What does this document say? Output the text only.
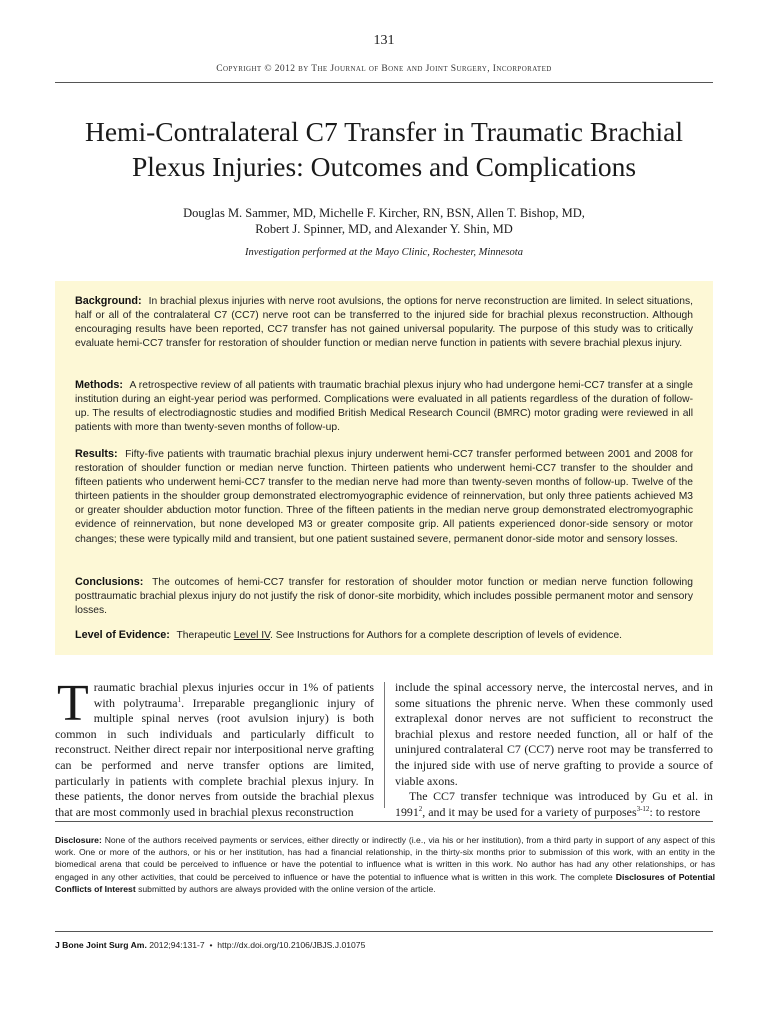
131
Copyright © 2012 by The Journal of Bone and Joint Surgery, Incorporated
Hemi-Contralateral C7 Transfer in Traumatic Brachial
Plexus Injuries: Outcomes and Complications
Douglas M. Sammer, MD, Michelle F. Kircher, RN, BSN, Allen T. Bishop, MD,
Robert J. Spinner, MD, and Alexander Y. Shin, MD
Investigation performed at the Mayo Clinic, Rochester, Minnesota

Background: In brachial plexus injuries with nerve root avulsions, the options for nerve reconstruction are limited. In select situations, half or all of the contralateral C7 (CC7) nerve root can be transferred to the injured side for brachial plexus reconstruction. Although encouraging results have been reported, CC7 transfer has not gained universal popularity. The purpose of this study was to critically evaluate hemi-CC7 transfer for restoration of shoulder function or median nerve function in patients with severe brachial plexus injury.

Methods: A retrospective review of all patients with traumatic brachial plexus injury who had undergone hemi-CC7 transfer at a single institution during an eight-year period was performed. Complications were evaluated in all patients regardless of the duration of follow-up. The results of electrodiagnostic studies and modified British Medical Research Council (BMRC) motor grading were reviewed in all patients with more than twenty-seven months of follow-up.

Results: Fifty-five patients with traumatic brachial plexus injury underwent hemi-CC7 transfer performed between 2001 and 2008 for restoration of shoulder function or median nerve function. Thirteen patients who underwent hemi-CC7 transfer to the shoulder and fifteen patients who underwent hemi-CC7 transfer to the median nerve had more than twenty-seven months of follow-up. Twelve of the thirteen patients in the shoulder group demonstrated electromyographic evidence of reinnervation, but only three patients achieved M3 or greater shoulder abduction motor function. Three of the fifteen patients in the median nerve group demonstrated electromyographic evidence of reinnervation, but none developed M3 or greater composite grip. All patients experienced donor-side sensory or motor changes; these were typically mild and transient, but one patient sustained severe, permanent donor-side motor and sensory losses.

Conclusions: The outcomes of hemi-CC7 transfer for restoration of shoulder motor function or median nerve function following posttraumatic brachial plexus injury do not justify the risk of donor-site morbidity, which includes possible permanent motor and sensory losses.

Level of Evidence: Therapeutic Level IV. See Instructions for Authors for a complete description of levels of evidence.

Traumatic brachial plexus injuries occur in 1% of patients with polytrauma$^1$. Irreparable preganglionic injury of multiple spinal nerves (root avulsion injury) is both common in such individuals and particularly difficult to reconstruct. Neither direct repair nor interpositional nerve grafting can be performed and nerve transfer options are limited, particularly in patients with complete brachial plexus injury. In these patients, the donor nerves from outside the brachial plexus that are most commonly used in brachial plexus reconstruction
include the spinal accessory nerve, the intercostal nerves, and in some situations the phrenic nerve. When these commonly used extraplexal donor nerves are not sufficient to reconstruct the brachial plexus and restore needed function, all or half of the uninjured contralateral C7 (CC7) nerve root may be transferred to the injured side with use of nerve grafting to provide a source of viable axons.
The CC7 transfer technique was introduced by Gu et al. in 1991$^2$, and it may be used for a variety of purposes$^{3-12}$: to restore

Disclosure: None of the authors received payments or services, either directly or indirectly (i.e., via his or her institution), from a third party in support of any aspect of this work. One or more of the authors, or his or her institution, has had a financial relationship, in the thirty-six months prior to submission of this work, with an entity in the biomedical arena that could be perceived to influence or have the potential to influence what is written in this work. No author has had any other relationships, or has engaged in any other activities, that could be perceived to influence or have the potential to influence what is written in this work. The complete Disclosures of Potential Conflicts of Interest submitted by authors are always provided with the online version of the article.

J Bone Joint Surg Am. 2012;94:131-7 • http://dx.doi.org/10.2106/JBJS.J.01075
